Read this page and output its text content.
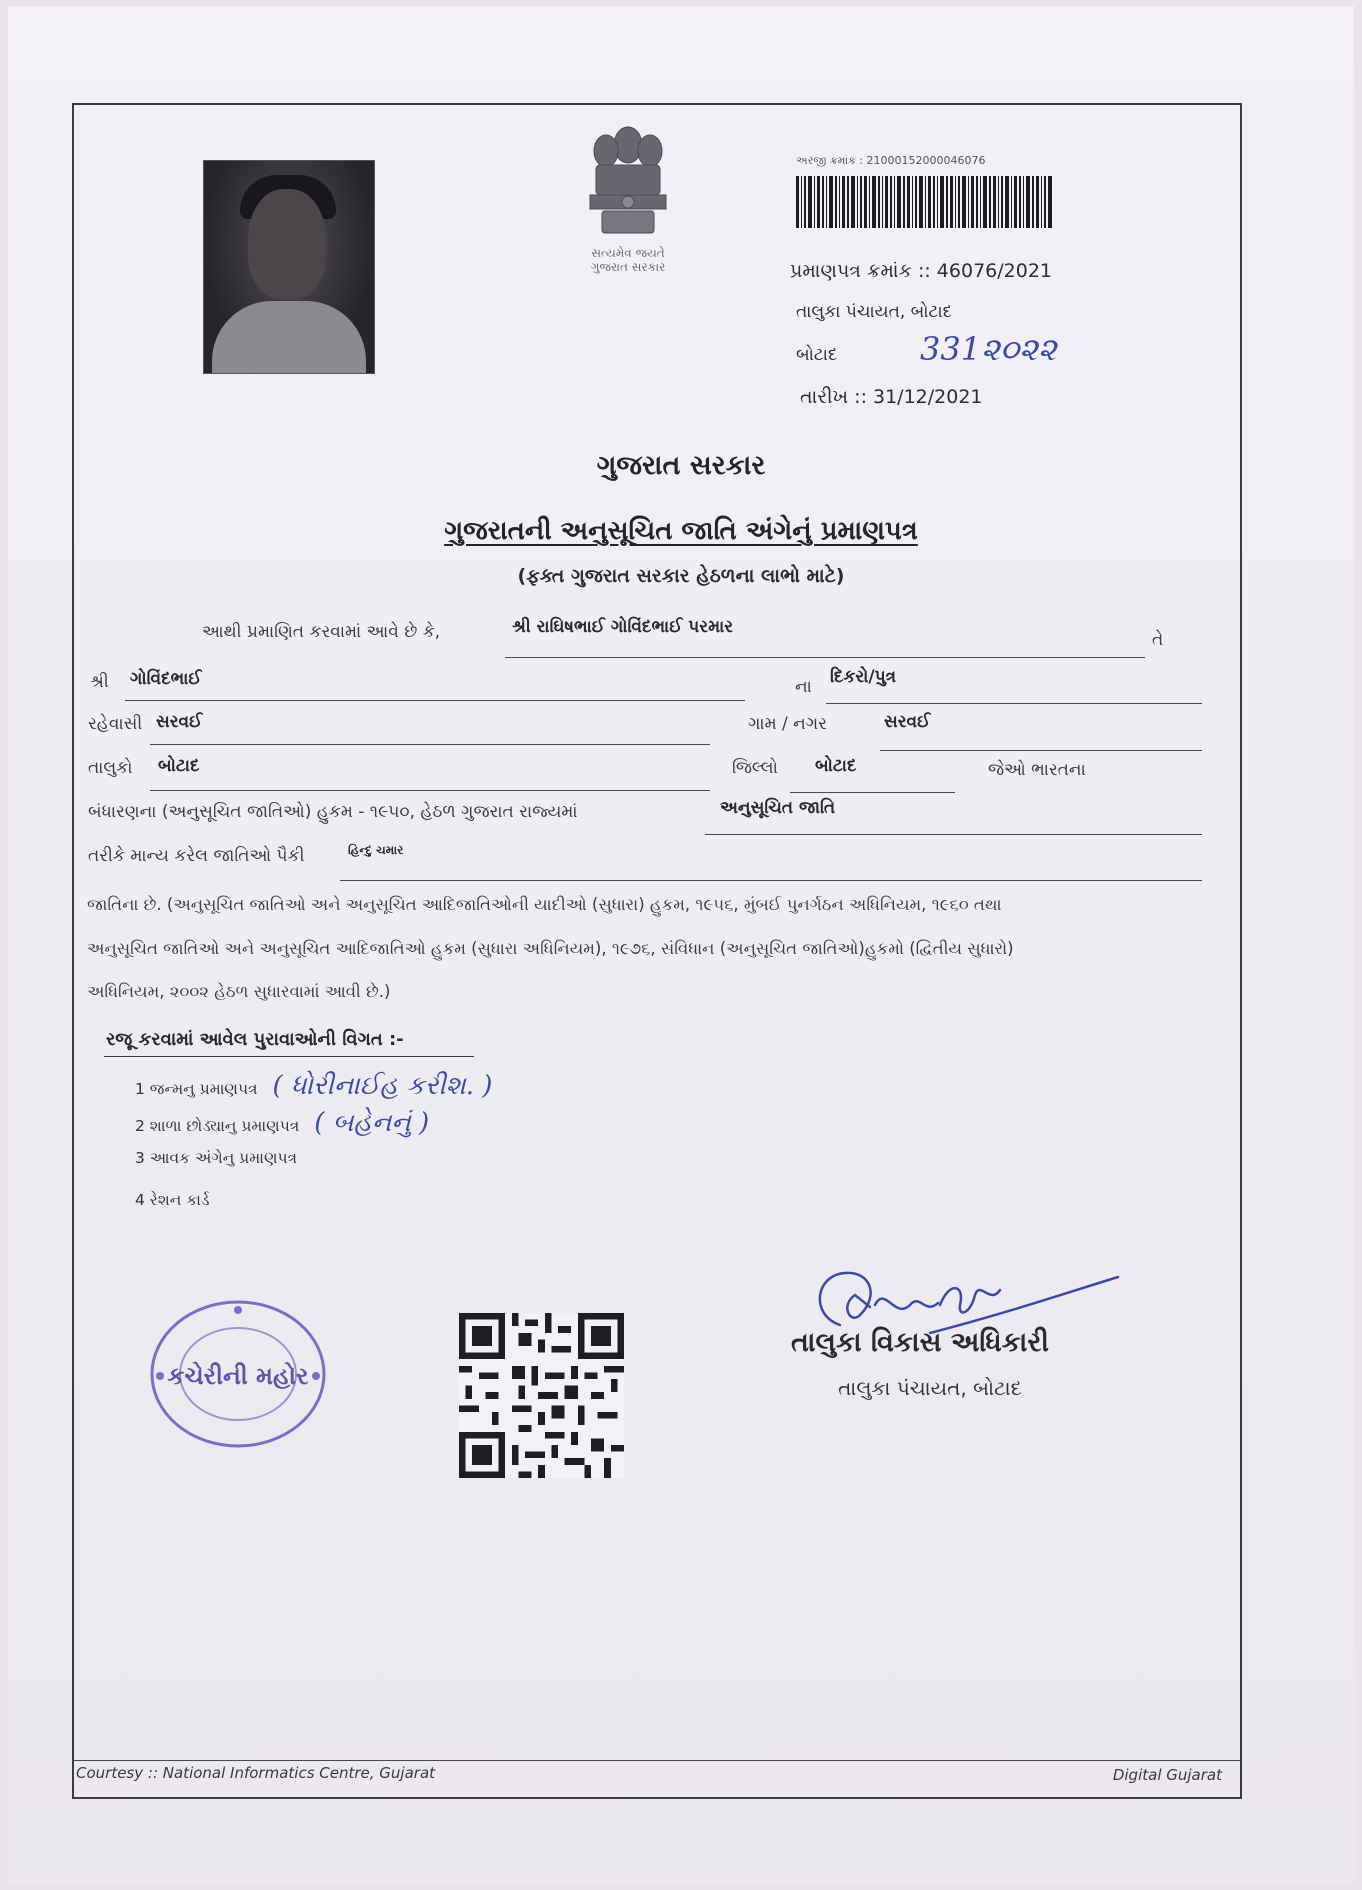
સત્યમેવ જયતે
ગુજરાત સરકાર
અરજી ક્રમાંક : 21000152000046076
પ્રમાણપત્ર ક્રમાંક :: 46076/2021
તાલુકા પંચાયત, બોટાદ
બોટાદ	331૨૦૨૨
તારીખ :: 31/12/2021
ગુજરાત સરકાર
ગુજરાતની અનુસૂચિત જાતિ અંગેનું પ્રમાણપત્ર
(ફક્ત ગુજરાત સરકાર હેઠળના લાભો માટે)
આથી પ્રમાણિત કરવામાં આવે છે કે,	શ્રી રાઘિષભાઈ ગોવિંદભાઈ પરમાર
તે
શ્રી ગોવિંદભાઈ	ના દિકરો/પુત્ર
રહેવાસી સરવઈ	ગામ / નગર	સરવઈ
તાલુકો બોટાદ	જિલ્લો બોટાદ	જેઓ ભારતના
બંધારણના (અનુસૂચિત જાતિઓ) હુકમ - ૧૯૫૦, હેઠળ ગુજરાત રાજ્યમાં	અનુસૂચિત જાતિ
તરીકે માન્ય કરેલ જાતિઓ પૈકી	હિન્દુ ચમાર
જાતિના છે. (અનુસૂચિત જાતિઓ અને અનુસૂચિત આદિજાતિઓની યાદીઓ (સુધારા) હુકમ, ૧૯૫૬, મુંબઈ પુનર્ગઠન અધિનિયમ, ૧૯૬૦ તથા
અનુસૂચિત જાતિઓ અને અનુસૂચિત આદિજાતિઓ હુકમ (સુધારા અધિનિયમ), ૧૯૭૬, સંવિધાન (અનુસૂચિત જાતિઓ)હુકમો (દ્વિતીય સુધારો)
અધિનિયમ, ૨૦૦૨ હેઠળ સુધારવામાં આવી છે.)
રજૂ કરવામાં આવેલ પુરાવાઓની વિગત :-
1 જન્મનુ પ્રમાણપત્ર ( ધોરીનાઈહ કરીશ. )
2 શાળા છોડ્યાનુ પ્રમાણપત્ર ( બહેનનું )
3 આવક અંગેનુ પ્રમાણપત્ર
4 રેશન કાર્ડ
કચેરીની મહોર
તાલુકા વિકાસ અધિકારી
તાલુકા પંચાયત, બોટાદ
Courtesy :: National Informatics Centre, Gujarat	Digital Gujarat
